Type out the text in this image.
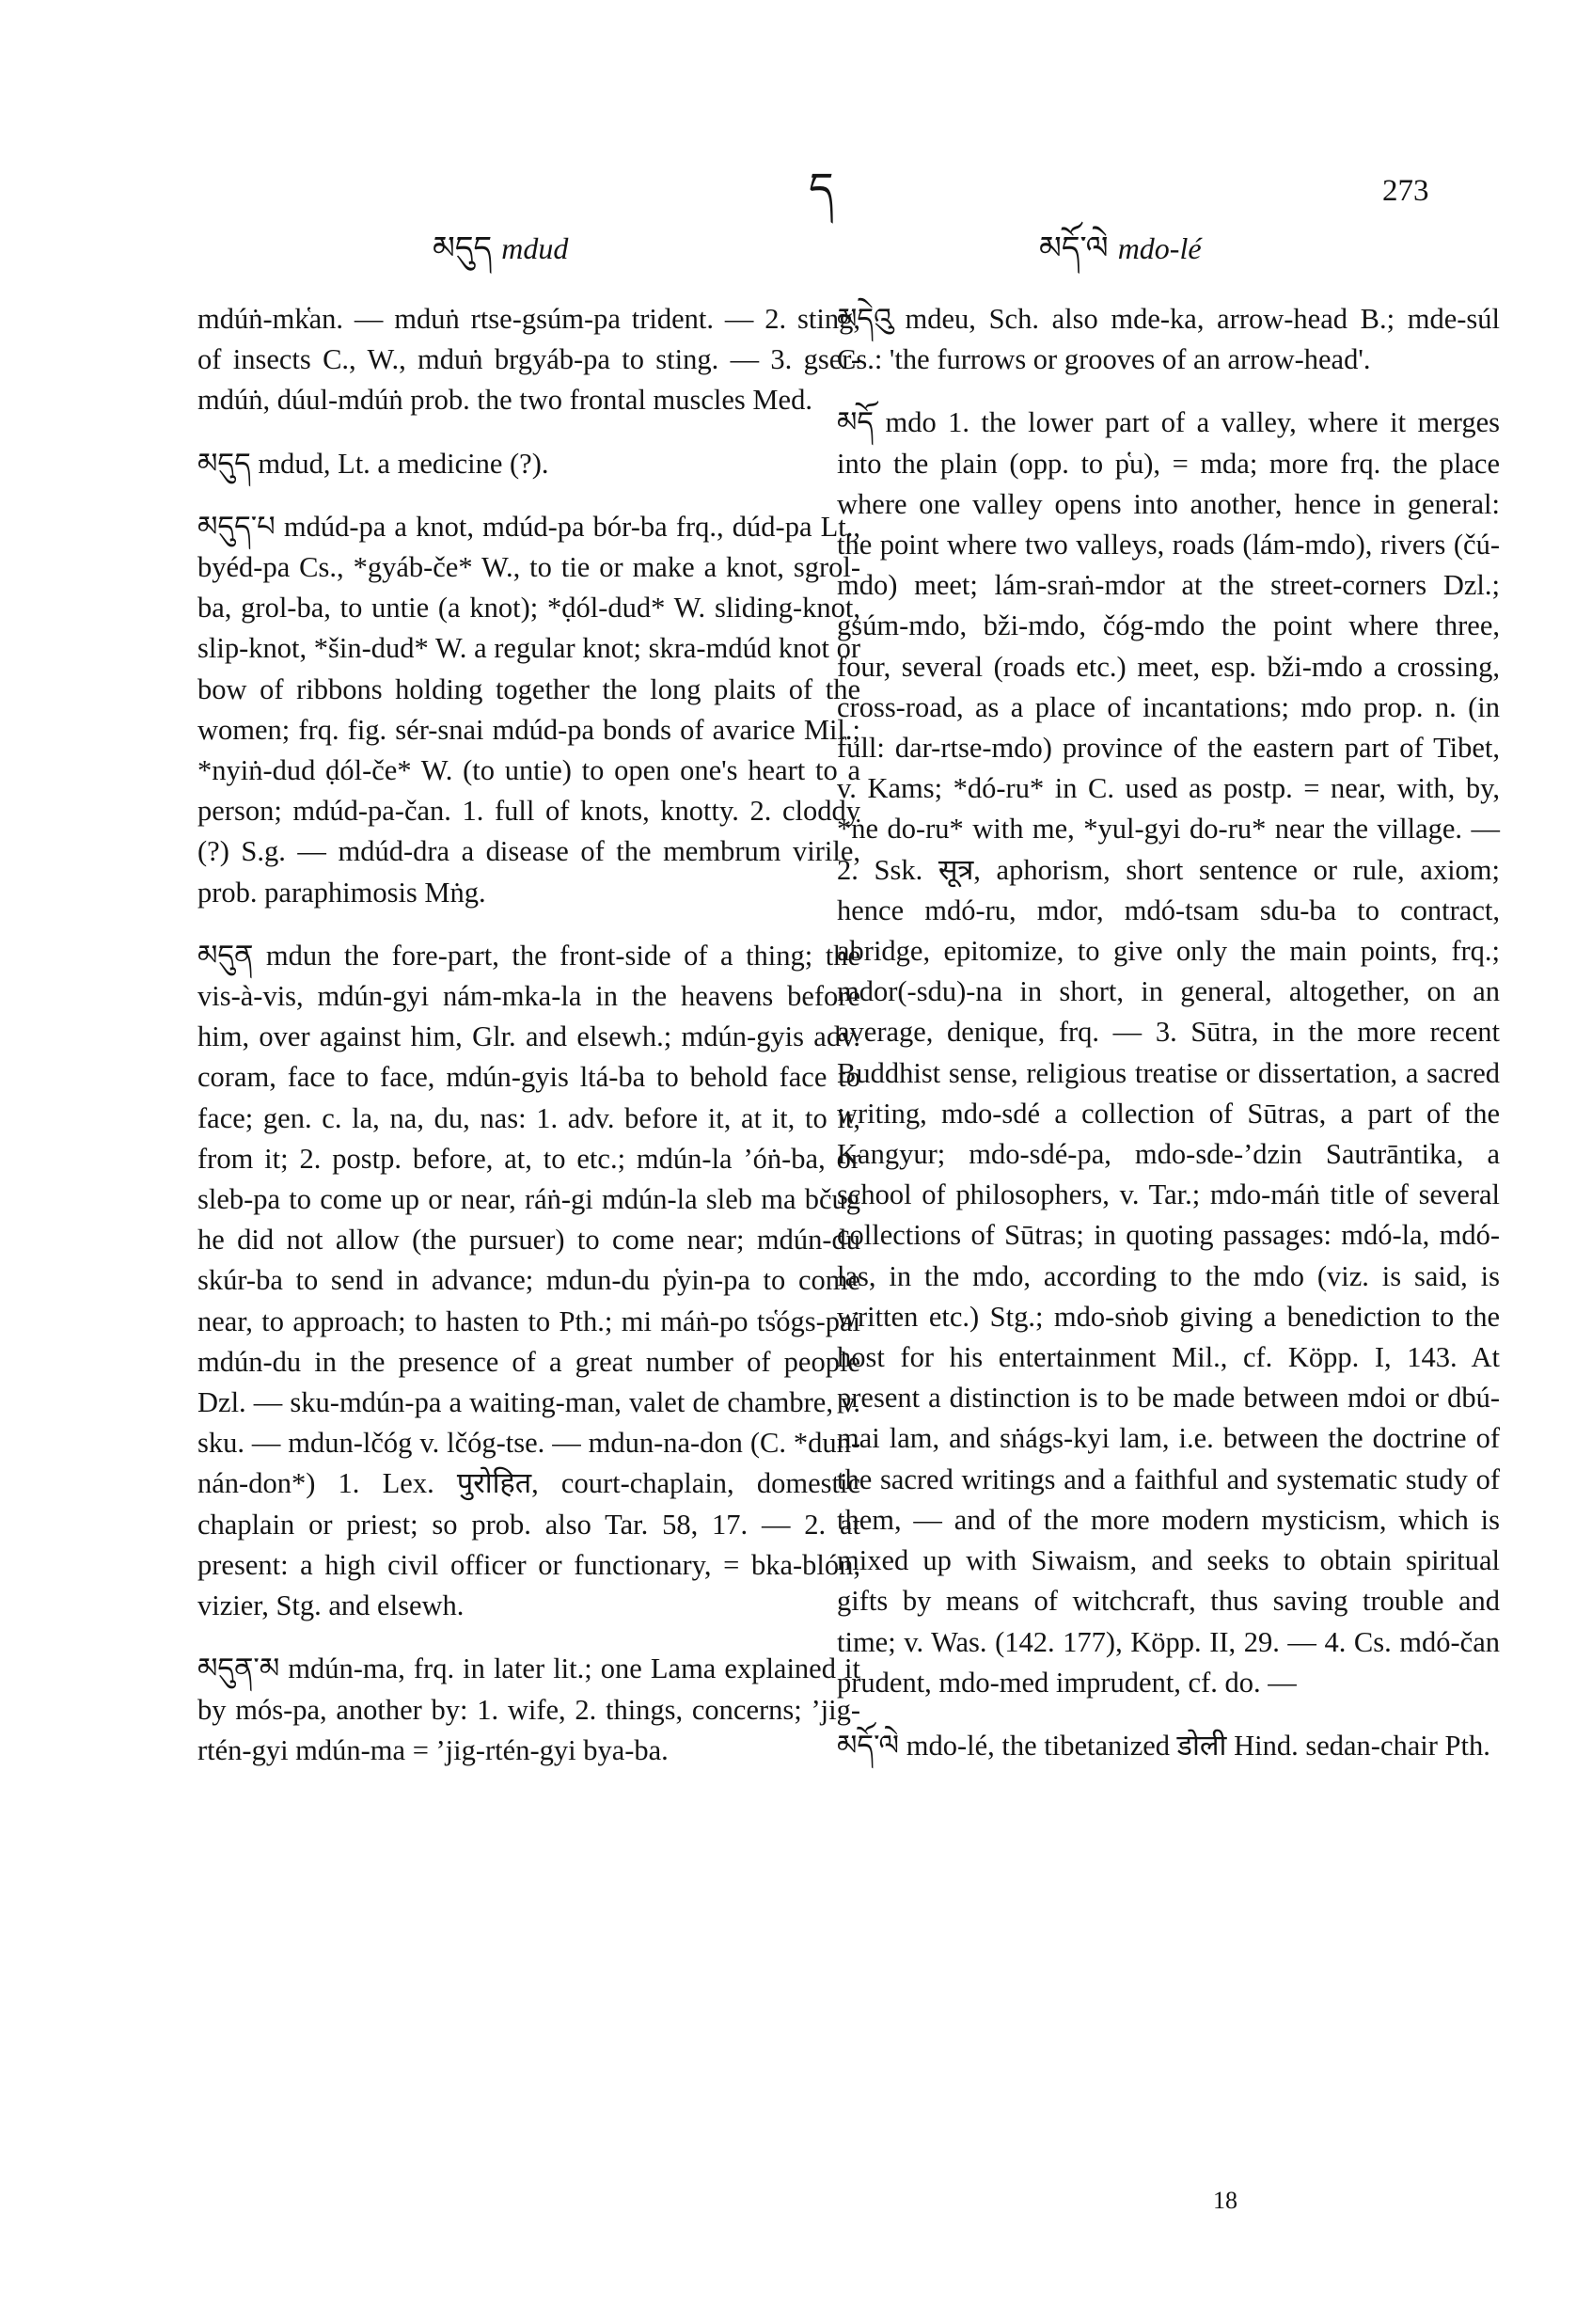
མདུད mdud
ད
མདོ་ལེ mdo-lé
273

mdúṅ-mk̔an. — mduṅ rtse-gsúm-pa trident. — 2. sting, of insects C., W., mduṅ brgyáb-pa to sting. — 3. gser-mdúṅ, dúul-mdúṅ prob. the two frontal muscles Med.

མདུད mdud, Lt. a medicine (?).

མདུད་པ mdúd-pa a knot, mdúd-pa bór-ba frq., dúd-pa Lt., byéd-pa Cs., *gyáb-če* W., to tie or make a knot, sgrol-ba, grol-ba, to untie (a knot); *ḍól-dud* W. sliding-knot, slip-knot, *šin-dud* W. a regular knot; skra-mdúd knot or bow of ribbons holding together the long plaits of the women; frq. fig. sér-snai mdúd-pa bonds of avarice Mil.; *nyiṅ-dud ḍól-če* W. (to untie) to open one's heart to a person; mdúd-pa-čan. 1. full of knots, knotty. 2. cloddy (?) S.g. — mdúd-dra a disease of the membrum virile, prob. paraphimosis Mṅg.

མདུན mdun the fore-part, the front-side of a thing; the vis-à-vis, mdún-gyi nám-mka-la in the heavens before him, over against him, Glr. and elsewh.; mdún-gyis adv. coram, face to face, mdún-gyis ltá-ba to behold face to face; gen. c. la, na, du, nas: 1. adv. before it, at it, to it, from it; 2. postp. before, at, to etc.; mdún-la ’óṅ-ba, or sleb-pa to come up or near, ráṅ-gi mdún-la sleb ma bčug he did not allow (the pursuer) to come near; mdún-du skúr-ba to send in advance; mdun-du p̔yin-pa to come near, to approach; to hasten to Pth.; mi máṅ-po ts̔ógs-pai mdún-du in the presence of a great number of people Dzl. — sku-mdún-pa a waiting-man, valet de chambre, v. sku. — mdun-lčóg v. lčóg-tse. — mdun-na-don (C. *dun-nán-don*) 1. Lex. पुरोहित, court-chaplain, domestic chaplain or priest; so prob. also Tar. 58, 17. — 2. at present: a high civil officer or functionary, = bka-blón, vizier, Stg. and elsewh.

མདུན་མ mdún-ma, frq. in later lit.; one Lama explained it by mós-pa, another by: 1. wife, 2. things, concerns; ’jig-rtén-gyi mdún-ma = ’jig-rtén-gyi bya-ba.

མདེའུ mdeu, Sch. also mde-ka, arrow-head B.; mde-súl Cs.: 'the furrows or grooves of an arrow-head'.

མདོ mdo 1. the lower part of a valley, where it merges into the plain (opp. to p̔u), = mda; more frq. the place where one valley opens into another, hence in general: the point where two valleys, roads (lám-mdo), rivers (čú-mdo) meet; lám-sraṅ-mdor at the street-corners Dzl.; gsúm-mdo, bži-mdo, čóg-mdo the point where three, four, several (roads etc.) meet, esp. bži-mdo a crossing, cross-road, as a place of incantations; mdo prop. n. (in full: dar-rtse-mdo) province of the eastern part of Tibet, v. Kams; *dó-ru* in C. used as postp. = near, with, by, *ṅe do-ru* with me, *yul-gyi do-ru* near the village. — 2. Ssk. सूत्र, aphorism, short sentence or rule, axiom; hence mdó-ru, mdor, mdó-tsam sdu-ba to contract, abridge, epitomize, to give only the main points, frq.; mdor(-sdu)-na in short, in general, altogether, on an average, denique, frq. — 3. Sūtra, in the more recent Buddhist sense, religious treatise or dissertation, a sacred writing, mdo-sdé a collection of Sūtras, a part of the Kangyur; mdo-sdé-pa, mdo-sde-’dzin Sautrāntika, a school of philosophers, v. Tar.; mdo-máṅ title of several collections of Sūtras; in quoting passages: mdó-la, mdó-las, in the mdo, according to the mdo (viz. is said, is written etc.) Stg.; mdo-sṅob giving a benediction to the host for his entertainment Mil., cf. Köpp. I, 143. At present a distinction is to be made between mdoi or dbú-mai lam, and sṅágs-kyi lam, i.e. between the doctrine of the sacred writings and a faithful and systematic study of them, — and of the more modern mysticism, which is mixed up with Siwaism, and seeks to obtain spiritual gifts by means of witchcraft, thus saving trouble and time; v. Was. (142. 177), Köpp. II, 29. — 4. Cs. mdó-čan prudent, mdo-med imprudent, cf. do. —

མདོ་ལེ mdo-lé, the tibetanized डोली Hind. sedan-chair Pth.

18
